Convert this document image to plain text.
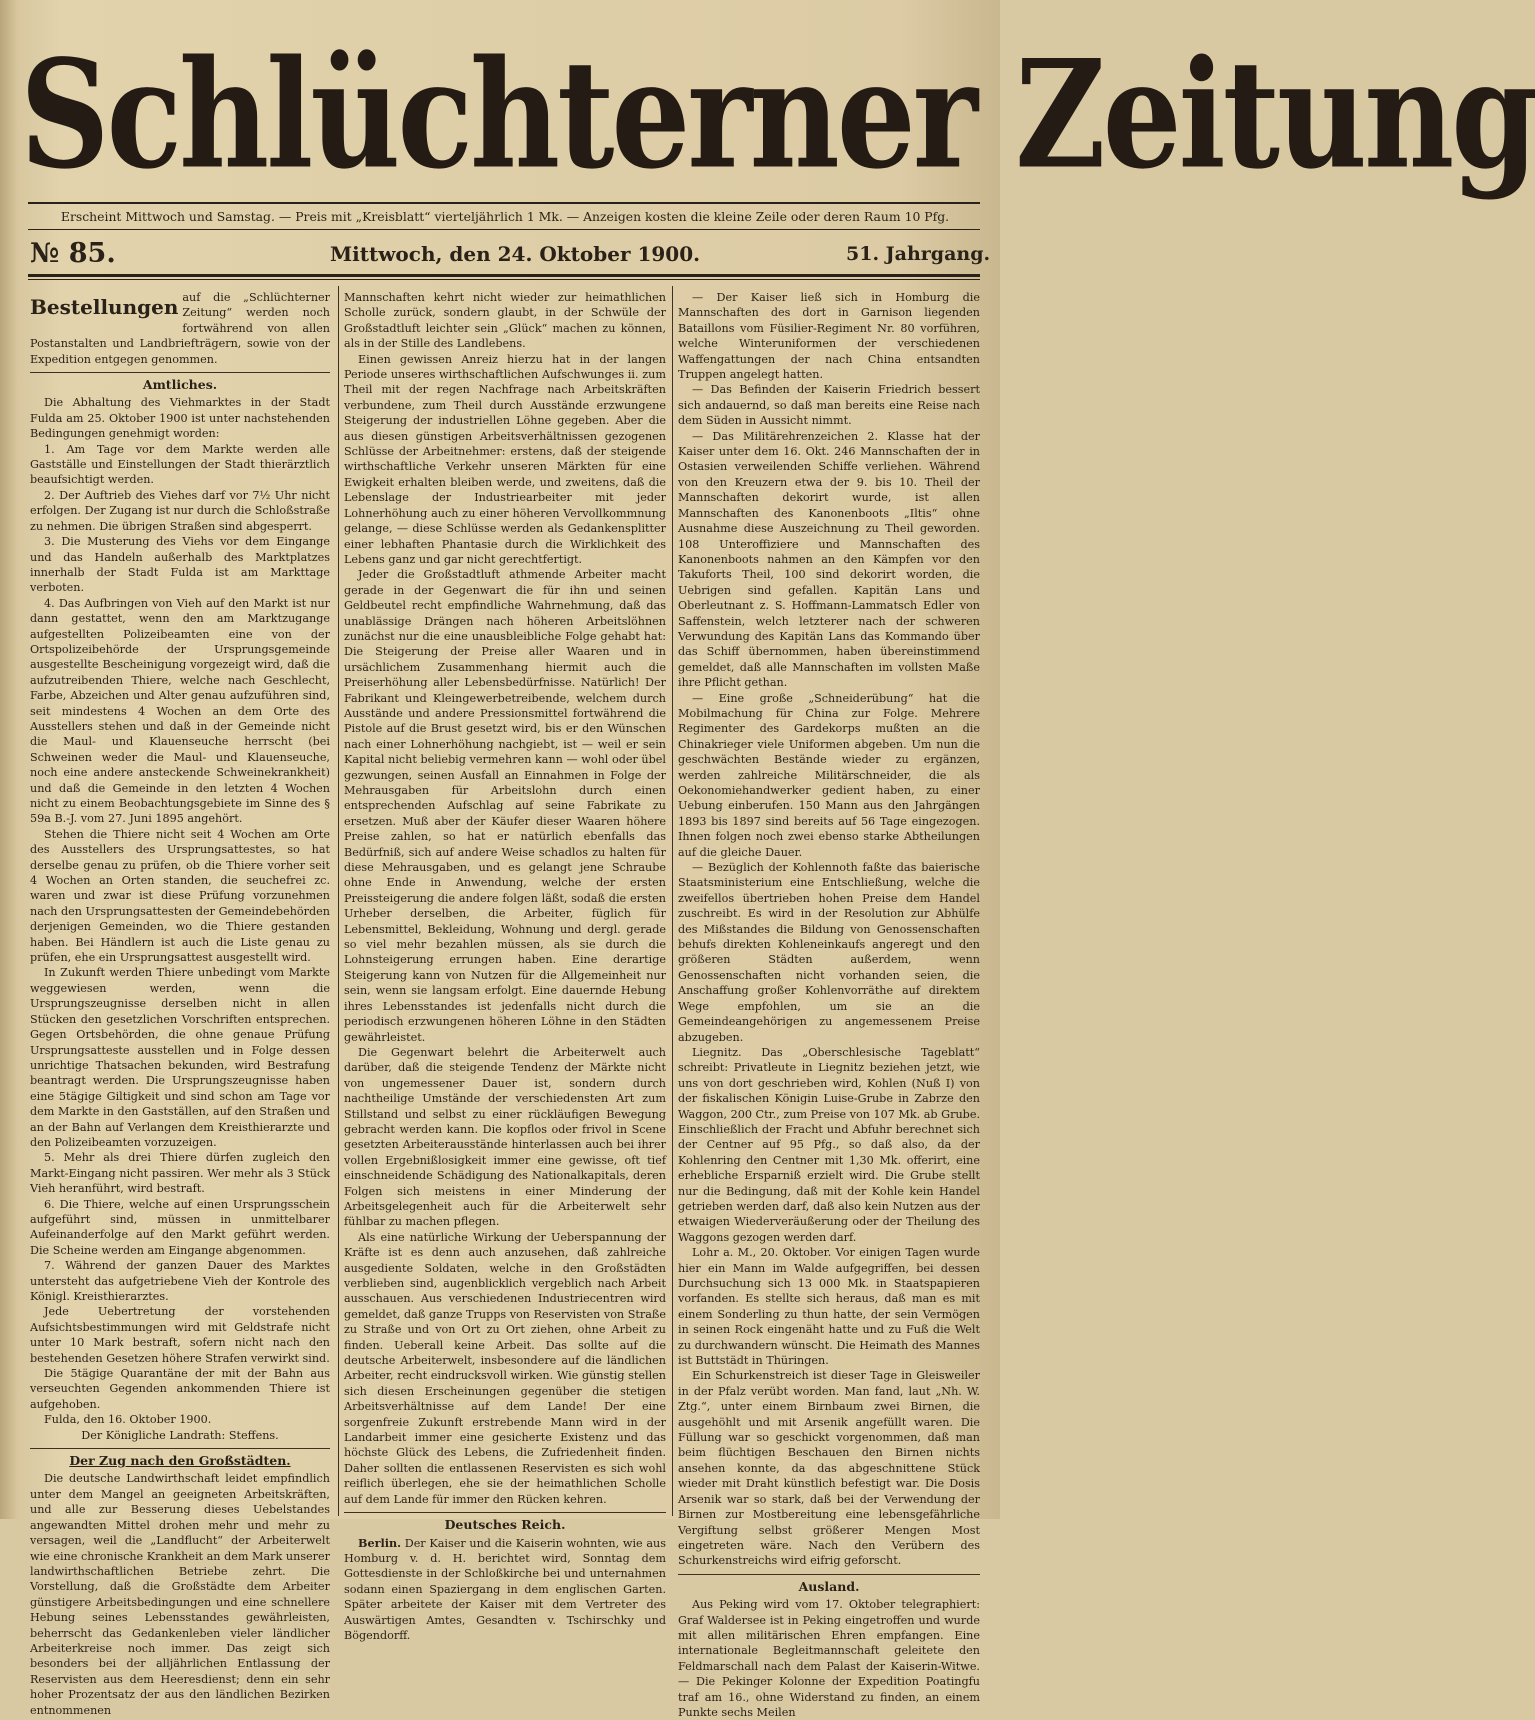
Schlüchterner Zeitung
Erscheint Mittwoch und Samstag. — Preis mit „Kreisblatt“ vierteljährlich 1 Mk. — Anzeigen kosten die kleine Zeile oder deren Raum 10 Pfg.
№ 85.	Mittwoch, den 24. Oktober 1900.	51. Jahrgang.
Bestellungen auf die „Schlüchterner Zeitung“ werden noch fortwährend von allen Postanstalten und Landbriefträgern, sowie von der Expedition entgegen genommen.
Amtliches.

Die Abhaltung des Viehmarktes in der Stadt Fulda am 25. Oktober 1900 ist unter nachstehenden Bedingungen genehmigt worden:

1. Am Tage vor dem Markte werden alle Gastställe und Einstellungen der Stadt thierärztlich beaufsichtigt werden.

2. Der Auftrieb des Viehes darf vor 7½ Uhr nicht erfolgen. Der Zugang ist nur durch die Schloßstraße zu nehmen. Die übrigen Straßen sind abgesperrt.

3. Die Musterung des Viehs vor dem Eingange und das Handeln außerhalb des Marktplatzes innerhalb der Stadt Fulda ist am Markttage verboten.

4. Das Aufbringen von Vieh auf den Markt ist nur dann gestattet, wenn den am Marktzugange aufgestellten Polizeibeamten eine von der Ortspolizeibehörde der Ursprungsgemeinde ausgestellte Bescheinigung vorgezeigt wird, daß die aufzutreibenden Thiere, welche nach Geschlecht, Farbe, Abzeichen und Alter genau aufzuführen sind, seit mindestens 4 Wochen an dem Orte des Ausstellers stehen und daß in der Gemeinde nicht die Maul- und Klauenseuche herrscht (bei Schweinen weder die Maul- und Klauenseuche, noch eine andere ansteckende Schweinekrankheit) und daß die Gemeinde in den letzten 4 Wochen nicht zu einem Beobachtungsgebiete im Sinne des § 59a B.-J. vom 27. Juni 1895 angehört.

Stehen die Thiere nicht seit 4 Wochen am Orte des Ausstellers des Ursprungsattestes, so hat derselbe genau zu prüfen, ob die Thiere vorher seit 4 Wochen an Orten standen, die seuchefrei zc. waren und zwar ist diese Prüfung vorzunehmen nach den Ursprungsattesten der Gemeindebehörden derjenigen Gemeinden, wo die Thiere gestanden haben. Bei Händlern ist auch die Liste genau zu prüfen, ehe ein Ursprungsattest ausgestellt wird.

In Zukunft werden Thiere unbedingt vom Markte weggewiesen werden, wenn die Ursprungszeugnisse derselben nicht in allen Stücken den gesetzlichen Vorschriften entsprechen. Gegen Ortsbehörden, die ohne genaue Prüfung Ursprungsatteste ausstellen und in Folge dessen unrichtige Thatsachen bekunden, wird Bestrafung beantragt werden. Die Ursprungszeugnisse haben eine 5tägige Giltigkeit und sind schon am Tage vor dem Markte in den Gastställen, auf den Straßen und an der Bahn auf Verlangen dem Kreisthierarzte und den Polizeibeamten vorzuzeigen.

5. Mehr als drei Thiere dürfen zugleich den Markt-Eingang nicht passiren. Wer mehr als 3 Stück Vieh heranführt, wird bestraft.

6. Die Thiere, welche auf einen Ursprungsschein aufgeführt sind, müssen in unmittelbarer Aufeinanderfolge auf den Markt geführt werden. Die Scheine werden am Eingange abgenommen.

7. Während der ganzen Dauer des Marktes untersteht das aufgetriebene Vieh der Kontrole des Königl. Kreisthierarztes.

Jede Uebertretung der vorstehenden Aufsichtsbestimmungen wird mit Geldstrafe nicht unter 10 Mark bestraft, sofern nicht nach den bestehenden Gesetzen höhere Strafen verwirkt sind.

Die 5tägige Quarantäne der mit der Bahn aus verseuchten Gegenden ankommenden Thiere ist aufgehoben.

Fulda, den 16. Oktober 1900.

Der Königliche Landrath: Steffens.

Der Zug nach den Großstädten.

Die deutsche Landwirthschaft leidet empfindlich unter dem Mangel an geeigneten Arbeitskräften, und alle zur Besserung dieses Uebelstandes angewandten Mittel drohen mehr und mehr zu versagen, weil die „Landflucht“ der Arbeiterwelt wie eine chronische Krankheit an dem Mark unserer landwirthschaftlichen Betriebe zehrt. Die Vorstellung, daß die Großstädte dem Arbeiter günstigere Arbeitsbedingungen und eine schnellere Hebung seines Lebensstandes gewährleisten, beherrscht das Gedankenleben vieler ländlicher Arbeiterkreise noch immer. Das zeigt sich besonders bei der alljährlichen Entlassung der Reservisten aus dem Heeresdienst; denn ein sehr hoher Prozentsatz der aus den ländlichen Bezirken entnommenen

Mannschaften kehrt nicht wieder zur heimathlichen Scholle zurück, sondern glaubt, in der Schwüle der Großstadtluft leichter sein „Glück“ machen zu können, als in der Stille des Landlebens.

Einen gewissen Anreiz hierzu hat in der langen Periode unseres wirthschaftlichen Aufschwunges ii. zum Theil mit der regen Nachfrage nach Arbeitskräften verbundene, zum Theil durch Ausstände erzwungene Steigerung der industriellen Löhne gegeben. Aber die aus diesen günstigen Arbeitsverhältnissen gezogenen Schlüsse der Arbeitnehmer: erstens, daß der steigende wirthschaftliche Verkehr unseren Märkten für eine Ewigkeit erhalten bleiben werde, und zweitens, daß die Lebenslage der Industriearbeiter mit jeder Lohnerhöhung auch zu einer höheren Vervollkommnung gelange, — diese Schlüsse werden als Gedankensplitter einer lebhaften Phantasie durch die Wirklichkeit des Lebens ganz und gar nicht gerechtfertigt.

Jeder die Großstadtluft athmende Arbeiter macht gerade in der Gegenwart die für ihn und seinen Geldbeutel recht empfindliche Wahrnehmung, daß das unablässige Drängen nach höheren Arbeitslöhnen zunächst nur die eine unausbleibliche Folge gehabt hat: Die Steigerung der Preise aller Waaren und in ursächlichem Zusammenhang hiermit auch die Preiserhöhung aller Lebensbedürfnisse. Natürlich! Der Fabrikant und Kleingewerbetreibende, welchem durch Ausstände und andere Pressionsmittel fortwährend die Pistole auf die Brust gesetzt wird, bis er den Wünschen nach einer Lohnerhöhung nachgiebt, ist — weil er sein Kapital nicht beliebig vermehren kann — wohl oder übel gezwungen, seinen Ausfall an Einnahmen in Folge der Mehrausgaben für Arbeitslohn durch einen entsprechenden Aufschlag auf seine Fabrikate zu ersetzen. Muß aber der Käufer dieser Waaren höhere Preise zahlen, so hat er natürlich ebenfalls das Bedürfniß, sich auf andere Weise schadlos zu halten für diese Mehrausgaben, und es gelangt jene Schraube ohne Ende in Anwendung, welche der ersten Preissteigerung die andere folgen läßt, sodaß die ersten Urheber derselben, die Arbeiter, füglich für Lebensmittel, Bekleidung, Wohnung und dergl. gerade so viel mehr bezahlen müssen, als sie durch die Lohnsteigerung errungen haben. Eine derartige Steigerung kann von Nutzen für die Allgemeinheit nur sein, wenn sie langsam erfolgt. Eine dauernde Hebung ihres Lebensstandes ist jedenfalls nicht durch die periodisch erzwungenen höheren Löhne in den Städten gewährleistet.

Die Gegenwart belehrt die Arbeiterwelt auch darüber, daß die steigende Tendenz der Märkte nicht von ungemessener Dauer ist, sondern durch nachtheilige Umstände der verschiedensten Art zum Stillstand und selbst zu einer rückläufigen Bewegung gebracht werden kann. Die kopflos oder frivol in Scene gesetzten Arbeiterausstände hinterlassen auch bei ihrer vollen Ergebnißlosigkeit immer eine gewisse, oft tief einschneidende Schädigung des Nationalkapitals, deren Folgen sich meistens in einer Minderung der Arbeitsgelegenheit auch für die Arbeiterwelt sehr fühlbar zu machen pflegen.

Als eine natürliche Wirkung der Ueberspannung der Kräfte ist es denn auch anzusehen, daß zahlreiche ausgediente Soldaten, welche in den Großstädten verblieben sind, augenblicklich vergeblich nach Arbeit ausschauen. Aus verschiedenen Industriecentren wird gemeldet, daß ganze Trupps von Reservisten von Straße zu Straße und von Ort zu Ort ziehen, ohne Arbeit zu finden. Ueberall keine Arbeit. Das sollte auf die deutsche Arbeiterwelt, insbesondere auf die ländlichen Arbeiter, recht eindrucksvoll wirken. Wie günstig stellen sich diesen Erscheinungen gegenüber die stetigen Arbeitsverhältnisse auf dem Lande! Der eine sorgenfreie Zukunft erstrebende Mann wird in der Landarbeit immer eine gesicherte Existenz und das höchste Glück des Lebens, die Zufriedenheit finden. Daher sollten die entlassenen Reservisten es sich wohl reiflich überlegen, ehe sie der heimathlichen Scholle auf dem Lande für immer den Rücken kehren.

Deutsches Reich.

Berlin. Der Kaiser und die Kaiserin wohnten, wie aus Homburg v. d. H. berichtet wird, Sonntag dem Gottesdienste in der Schloßkirche bei und unternahmen sodann einen Spaziergang in dem englischen Garten. Später arbeitete der Kaiser mit dem Vertreter des Auswärtigen Amtes, Gesandten v. Tschirschky und Bögendorff.

— Der Kaiser ließ sich in Homburg die Mannschaften des dort in Garnison liegenden Bataillons vom Füsilier-Regiment Nr. 80 vorführen, welche Winteruniformen der verschiedenen Waffengattungen der nach China entsandten Truppen angelegt hatten.

— Das Befinden der Kaiserin Friedrich bessert sich andauernd, so daß man bereits eine Reise nach dem Süden in Aussicht nimmt.

— Das Militärehrenzeichen 2. Klasse hat der Kaiser unter dem 16. Okt. 246 Mannschaften der in Ostasien verweilenden Schiffe verliehen. Während von den Kreuzern etwa der 9. bis 10. Theil der Mannschaften dekorirt wurde, ist allen Mannschaften des Kanonenboots „Iltis“ ohne Ausnahme diese Auszeichnung zu Theil geworden. 108 Unteroffiziere und Mannschaften des Kanonenboots nahmen an den Kämpfen vor den Takuforts Theil, 100 sind dekorirt worden, die Uebrigen sind gefallen. Kapitän Lans und Oberleutnant z. S. Hoffmann-Lammatsch Edler von Saffenstein, welch letzterer nach der schweren Verwundung des Kapitän Lans das Kommando über das Schiff übernommen, haben übereinstimmend gemeldet, daß alle Mannschaften im vollsten Maße ihre Pflicht gethan.

— Eine große „Schneiderübung“ hat die Mobilmachung für China zur Folge. Mehrere Regimenter des Gardekorps mußten an die Chinakrieger viele Uniformen abgeben. Um nun die geschwächten Bestände wieder zu ergänzen, werden zahlreiche Militärschneider, die als Oekonomiehandwerker gedient haben, zu einer Uebung einberufen. 150 Mann aus den Jahrgängen 1893 bis 1897 sind bereits auf 56 Tage eingezogen. Ihnen folgen noch zwei ebenso starke Abtheilungen auf die gleiche Dauer.

— Bezüglich der Kohlennoth faßte das baierische Staatsministerium eine Entschließung, welche die zweifellos übertrieben hohen Preise dem Handel zuschreibt. Es wird in der Resolution zur Abhülfe des Mißstandes die Bildung von Genossenschaften behufs direkten Kohleneinkaufs angeregt und den größeren Städten außerdem, wenn Genossenschaften nicht vorhanden seien, die Anschaffung großer Kohlenvorräthe auf direktem Wege empfohlen, um sie an die Gemeindeangehörigen zu angemessenem Preise abzugeben.

Liegnitz. Das „Oberschlesische Tageblatt“ schreibt: Privatleute in Liegnitz beziehen jetzt, wie uns von dort geschrieben wird, Kohlen (Nuß I) von der fiskalischen Königin Luise-Grube in Zabrze den Waggon, 200 Ctr., zum Preise von 107 Mk. ab Grube. Einschließlich der Fracht und Abfuhr berechnet sich der Centner auf 95 Pfg., so daß also, da der Kohlenring den Centner mit 1,30 Mk. offerirt, eine erhebliche Ersparniß erzielt wird. Die Grube stellt nur die Bedingung, daß mit der Kohle kein Handel getrieben werden darf, daß also kein Nutzen aus der etwaigen Wiederveräußerung oder der Theilung des Waggons gezogen werden darf.

Lohr a. M., 20. Oktober. Vor einigen Tagen wurde hier ein Mann im Walde aufgegriffen, bei dessen Durchsuchung sich 13 000 Mk. in Staatspapieren vorfanden. Es stellte sich heraus, daß man es mit einem Sonderling zu thun hatte, der sein Vermögen in seinen Rock eingenäht hatte und zu Fuß die Welt zu durchwandern wünscht. Die Heimath des Mannes ist Buttstädt in Thüringen.

Ein Schurkenstreich ist dieser Tage in Gleisweiler in der Pfalz verübt worden. Man fand, laut „Nh. W. Ztg.“, unter einem Birnbaum zwei Birnen, die ausgehöhlt und mit Arsenik angefüllt waren. Die Füllung war so geschickt vorgenommen, daß man beim flüchtigen Beschauen den Birnen nichts ansehen konnte, da das abgeschnittene Stück wieder mit Draht künstlich befestigt war. Die Dosis Arsenik war so stark, daß bei der Verwendung der Birnen zur Mostbereitung eine lebensgefährliche Vergiftung selbst größerer Mengen Most eingetreten wäre. Nach den Verübern des Schurkenstreichs wird eifrig geforscht.

Ausland.

Aus Peking wird vom 17. Oktober telegraphiert: Graf Waldersee ist in Peking eingetroffen und wurde mit allen militärischen Ehren empfangen. Eine internationale Begleitmannschaft geleitete den Feldmarschall nach dem Palast der Kaiserin-Witwe. — Die Pekinger Kolonne der Expedition Poatingfu traf am 16., ohne Widerstand zu finden, an einem Punkte sechs Meilen
